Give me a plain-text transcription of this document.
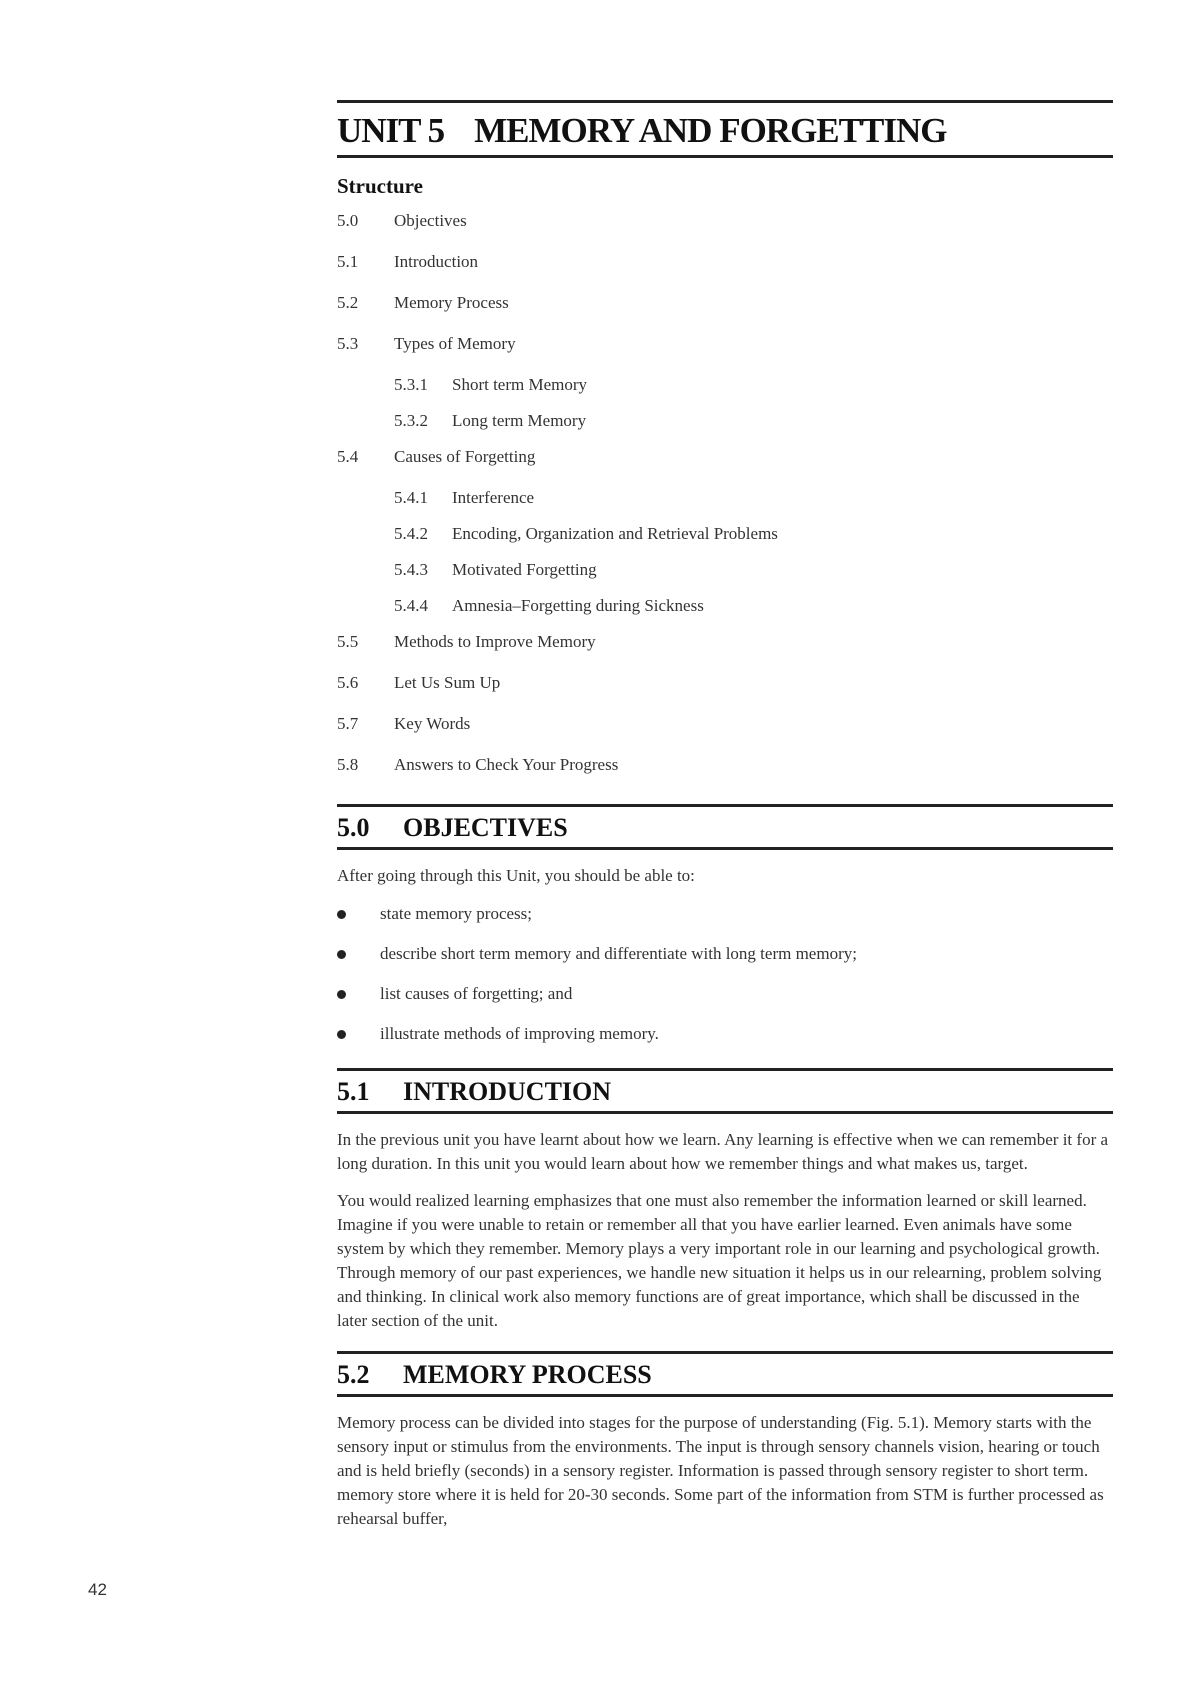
42
UNIT 5 MEMORY AND FORGETTING
Structure
5.0	Objectives
5.1	Introduction
5.2	Memory Process
5.3	Types of Memory
5.3.1	Short term Memory
5.3.2	Long term Memory
5.4	Causes of Forgetting
5.4.1	Interference
5.4.2	Encoding, Organization and Retrieval Problems
5.4.3	Motivated Forgetting
5.4.4	Amnesia–Forgetting during Sickness
5.5	Methods to Improve Memory
5.6	Let Us Sum Up
5.7	Key Words
5.8	Answers to Check Your Progress
5.0 OBJECTIVES

After going through this Unit, you should be able to:

state memory process;
describe short term memory and differentiate with long term memory;
list causes of forgetting; and
illustrate methods of improving memory.
5.1 INTRODUCTION

In the previous unit you have learnt about how we learn. Any learning is effective when we can remember it for a long duration. In this unit you would learn about how we remember things and what makes us, target.

You would realized learning emphasizes that one must also remember the information learned or skill learned. Imagine if you were unable to retain or remember all that you have earlier learned. Even animals have some system by which they remember. Memory plays a very important role in our learning and psychological growth. Through memory of our past experiences, we handle new situation it helps us in our relearning, problem solving and thinking. In clinical work also memory functions are of great importance, which shall be discussed in the later section of the unit.

5.2 MEMORY PROCESS

Memory process can be divided into stages for the purpose of understanding (Fig. 5.1). Memory starts with the sensory input or stimulus from the environments. The input is through sensory channels vision, hearing or touch and is held briefly (seconds) in a sensory register. Information is passed through sensory register to short term. memory store where it is held for 20-30 seconds. Some part of the information from STM is further processed as rehearsal buffer,
